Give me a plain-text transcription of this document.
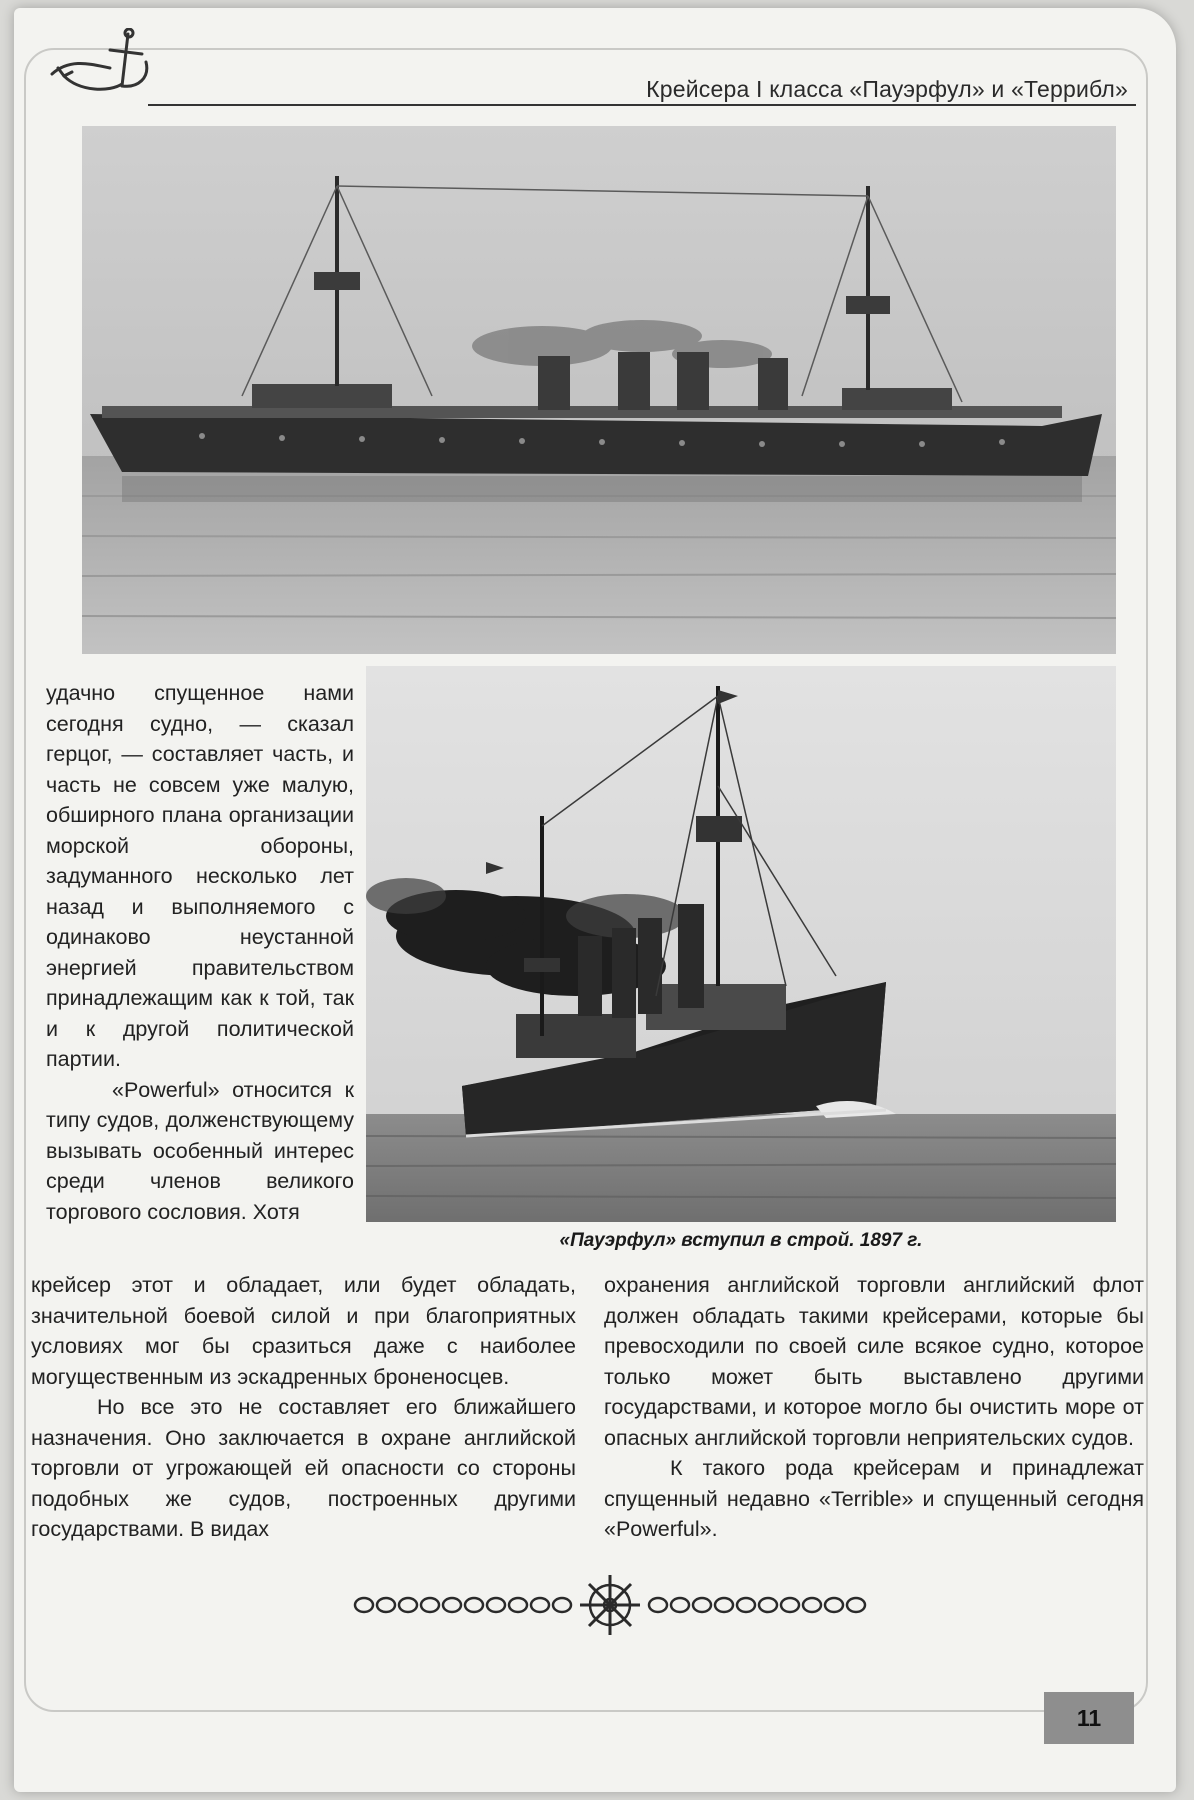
Крейсера I класса «Пауэрфул» и «Террибл»
«Пауэрфул» вступил в строй. 1897 г.

удачно спущенное нами сегодня судно, — сказал герцог, — составляет часть, и часть не совсем уже малую, обширного плана организации морской обороны, задуманного несколько лет назад и выполняемого с одинаково неустанной энергией правительством принадлежащим как к той, так и к другой политической партии.

«Powerful» относится к типу судов, долженствующему вызывать особенный интерес среди членов великого торгового сословия. Хотя

крейсер этот и обладает, или будет обладать, значительной боевой силой и при благоприятных условиях мог бы сразиться даже с наиболее могущественным из эскадренных броненосцев.

Но все это не составляет его ближайшего назначения. Оно заключается в охране английской торговли от угрожающей ей опасности со стороны подобных же судов, построенных другими государствами. В видах

охранения английской торговли английский флот должен обладать такими крейсерами, которые бы превосходили по своей силе всякое судно, которое только может быть выставлено другими государствами, и которое могло бы очистить море от опасных английской торговли неприятельских судов.

К такого рода крейсерам и принадлежат спущенный недавно «Terrible» и спущенный сегодня «Powerful».

11
